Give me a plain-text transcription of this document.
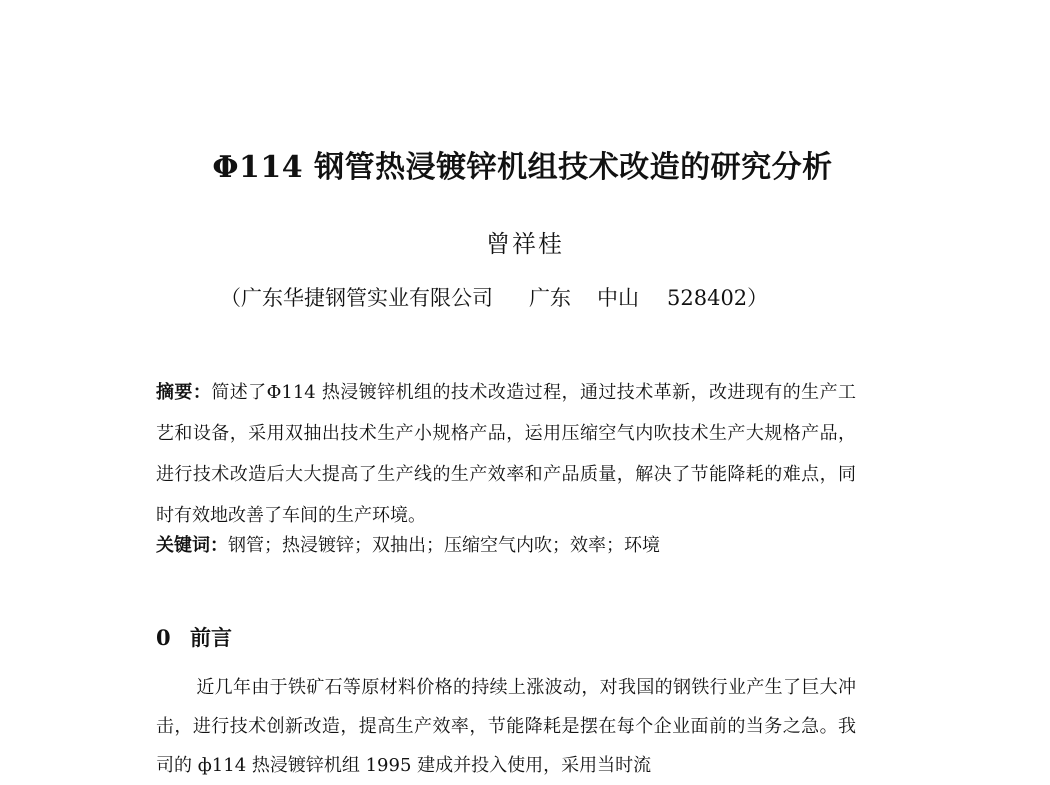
Φ114 钢管热浸镀锌机组技术改造的研究分析
曾祥桂
（广东华捷钢管实业有限公司 广东 中山 528402）
摘要：简述了Φ114 热浸镀锌机组的技术改造过程，通过技术革新，改进现有的生产工艺和设备，采用双抽出技术生产小规格产品，运用压缩空气内吹技术生产大规格产品，进行技术改造后大大提高了生产线的生产效率和产品质量，解决了节能降耗的难点，同时有效地改善了车间的生产环境。
关键词：钢管；热浸镀锌；双抽出；压缩空气内吹；效率；环境
0 前言
近几年由于铁矿石等原材料价格的持续上涨波动，对我国的钢铁行业产生了巨大冲击，进行技术创新改造，提高生产效率，节能降耗是摆在每个企业面前的当务之急。我司的 ф114 热浸镀锌机组 1995 建成并投入使用，采用当时流
